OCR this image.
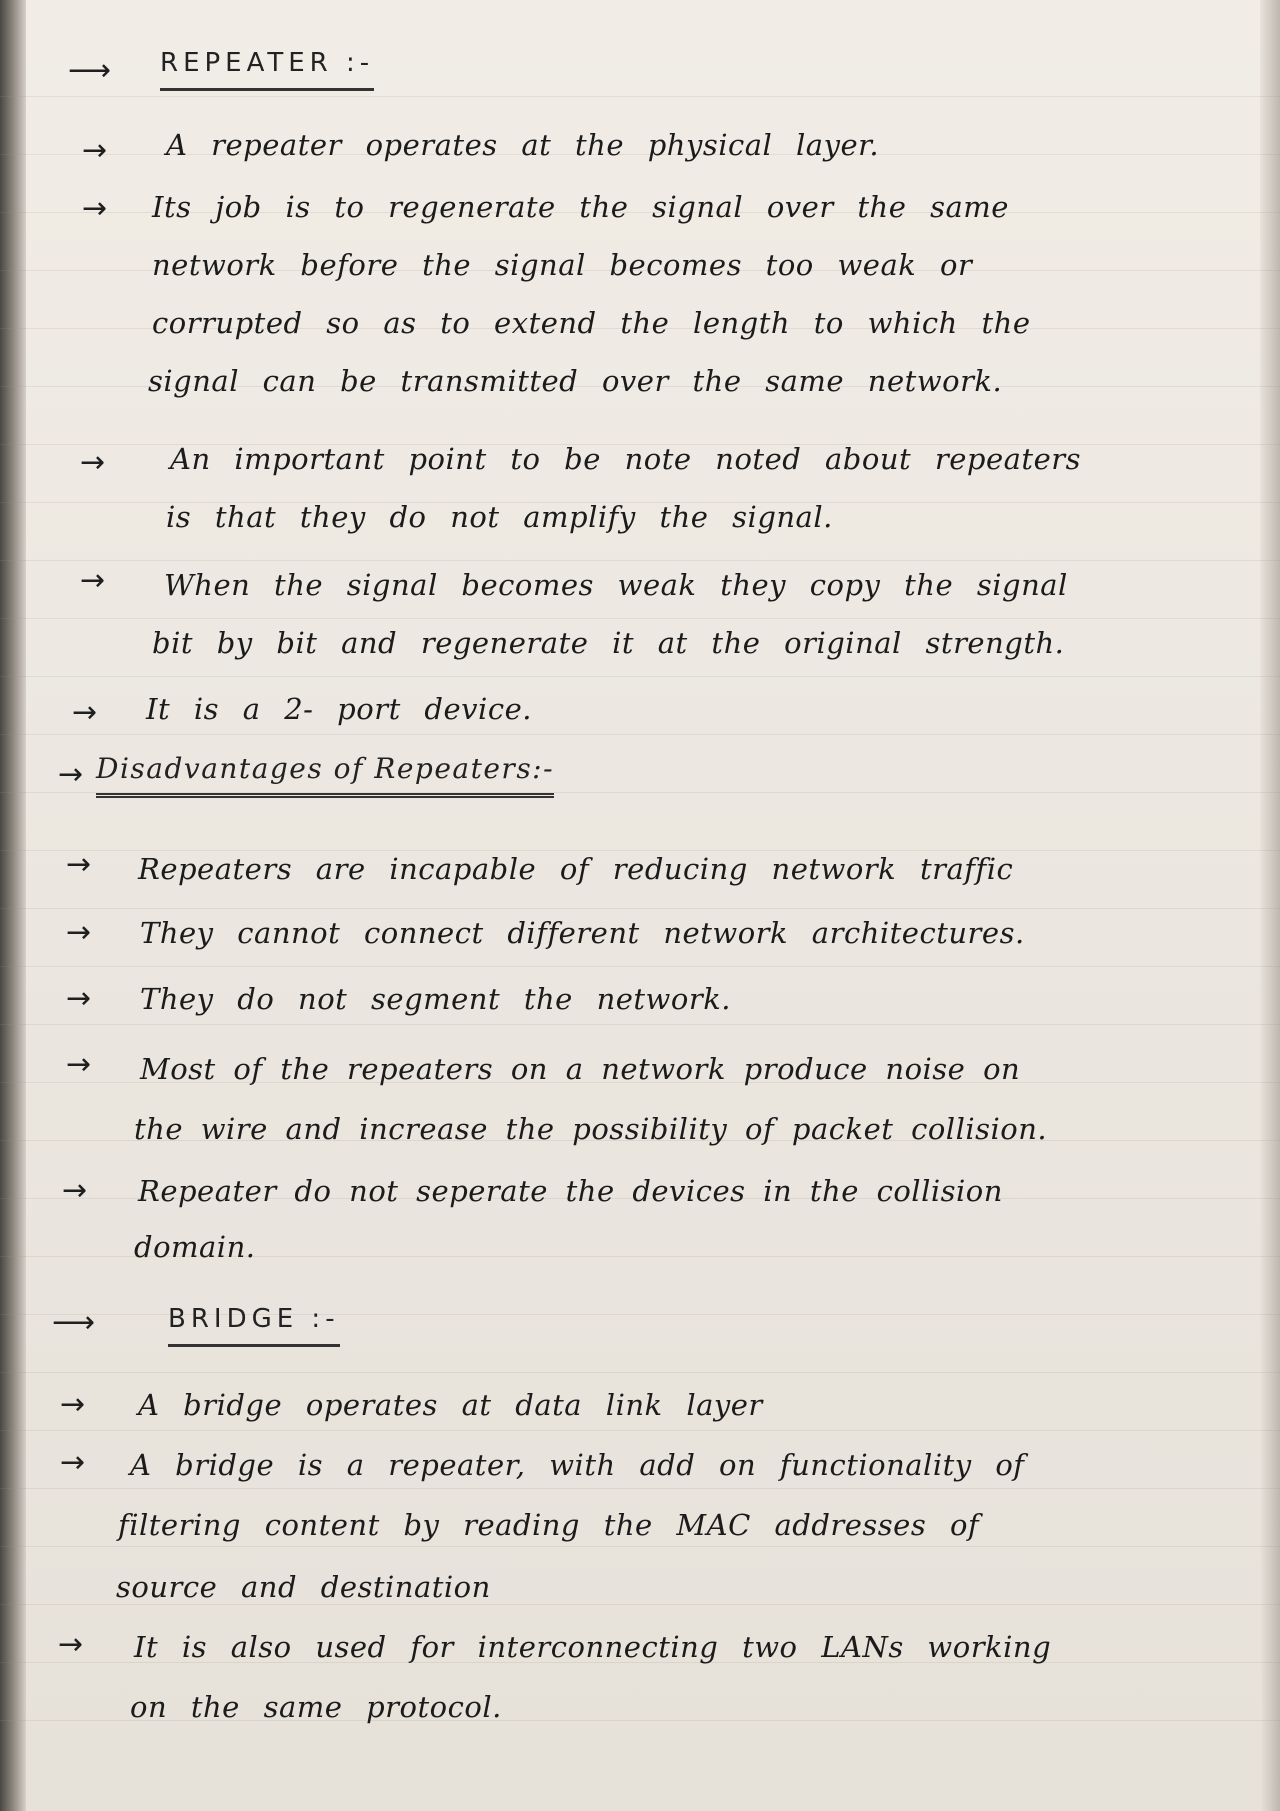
⟶ REPEATER :-
→ A repeater operates at the physical layer.
→ Its job is to regenerate the signal over the same
network before the signal becomes too weak or
corrupted so as to extend the length to which the
signal can be transmitted over the same network.
→ An important point to be note noted about repeaters
is that they do not amplify the signal.
→ When the signal becomes weak they copy the signal
bit by bit and regenerate it at the original strength.
→ It is a 2- port device.
→ Disadvantages of Repeaters:-
→ Repeaters are incapable of reducing network traffic
→ They cannot connect different network architectures.
→ They do not segment the network.
→ Most of the repeaters on a network produce noise on
the wire and increase the possibility of packet collision.
→ Repeater do not seperate the devices in the collision
domain.
⟶	BRIDGE :-
→ A bridge operates at data link layer
→ A bridge is a repeater, with add on functionality of
filtering content by reading the MAC addresses of
source and destination
→ It is also used for interconnecting two LANs working
on the same protocol.
